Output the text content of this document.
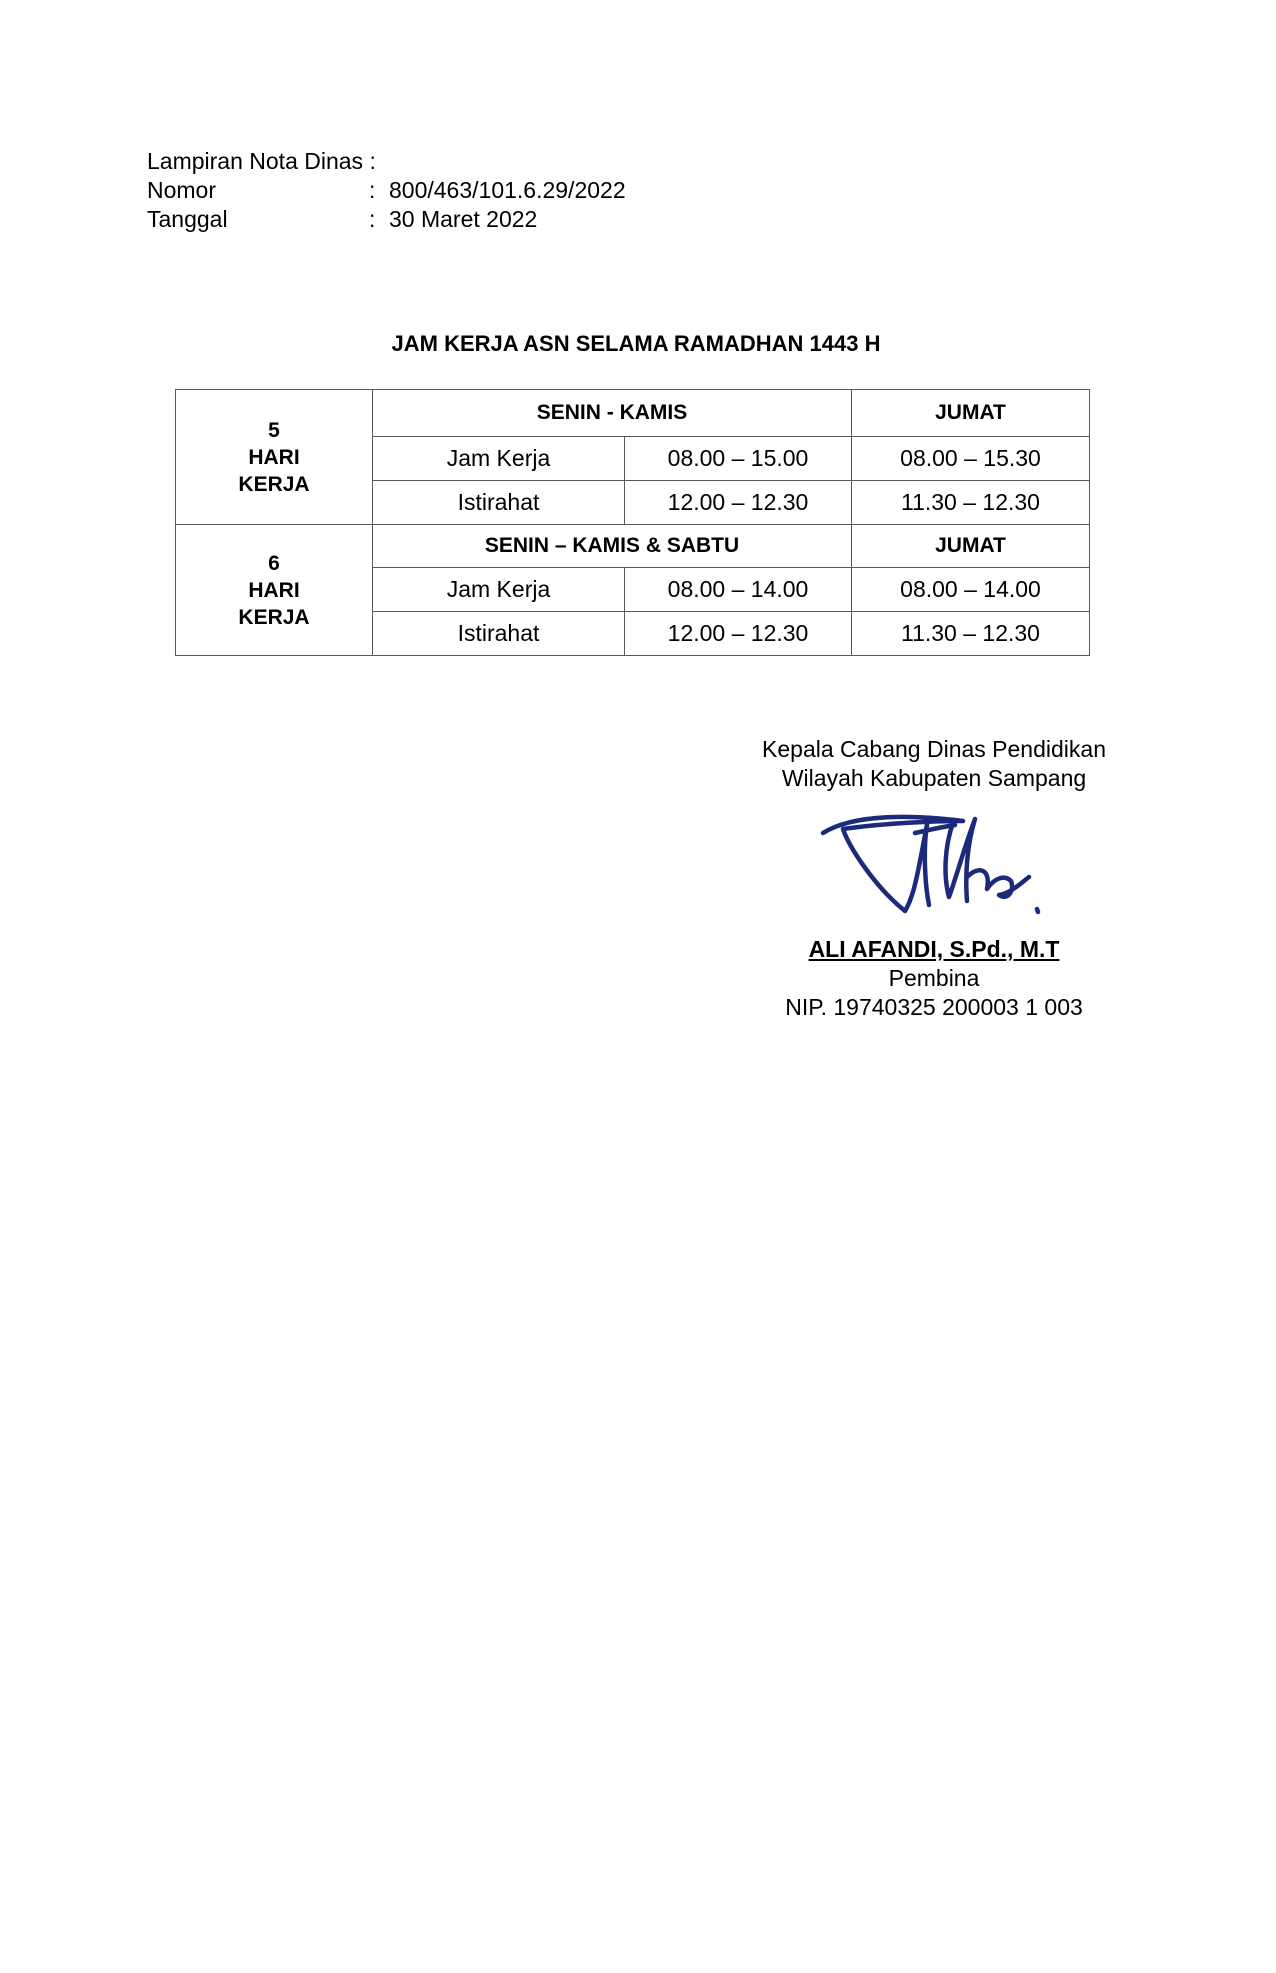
Lampiran Nota Dinas :
Nomor	: 800/463/101.6.29/2022
Tanggal	: 30 Maret 2022
JAM KERJA ASN SELAMA RAMADHAN 1443 H
5
HARI
KERJA	SENIN - KAMIS		JUMAT
	Jam Kerja	08.00 – 15.00	08.00 – 15.30
	Istirahat	12.00 – 12.30	11.30 – 12.30

6
HARI
KERJA	SENIN – KAMIS & SABTU		JUMAT
	Jam Kerja	08.00 – 14.00	08.00 – 14.00
	Istirahat	12.00 – 12.30	11.30 – 12.30
Kepala Cabang Dinas Pendidikan
Wilayah Kabupaten Sampang
ALI AFANDI, S.Pd., M.T
Pembina
NIP. 19740325 200003 1 003
